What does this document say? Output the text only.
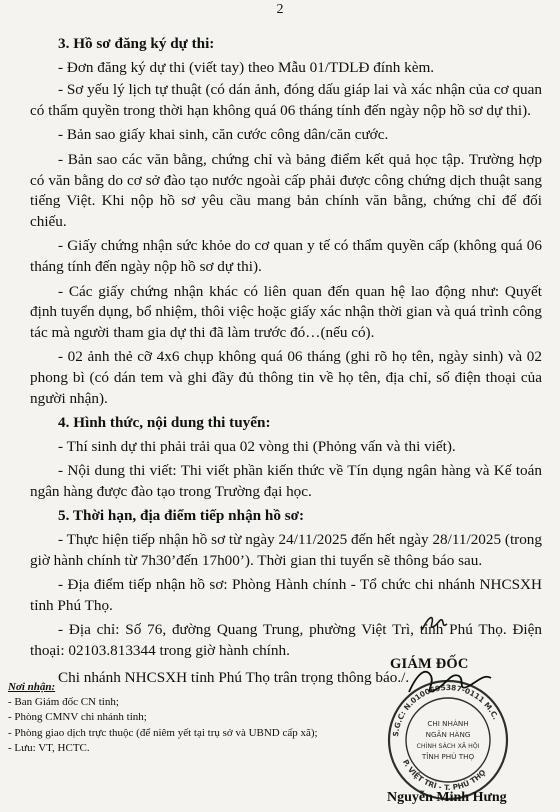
2
3. Hồ sơ đăng ký dự thi:
- Đơn đăng ký dự thi (viết tay) theo Mẫu 01/TDLĐ đính kèm.
- Sơ yếu lý lịch tự thuật (có dán ảnh, đóng dấu giáp lai và xác nhận của cơ quan có thẩm quyền trong thời hạn không quá 06 tháng tính đến ngày nộp hồ sơ dự thi).
- Bản sao giấy khai sinh, căn cước công dân/căn cước.
- Bản sao các văn bằng, chứng chỉ và bảng điểm kết quả học tập. Trường hợp có văn bằng do cơ sở đào tạo nước ngoài cấp phải được công chứng dịch thuật sang tiếng Việt. Khi nộp hồ sơ yêu cầu mang bản chính văn bằng, chứng chỉ để đối chiếu.
- Giấy chứng nhận sức khỏe do cơ quan y tế có thẩm quyền cấp (không quá 06 tháng tính đến ngày nộp hồ sơ dự thi).
- Các giấy chứng nhận khác có liên quan đến quan hệ lao động như: Quyết định tuyển dụng, bổ nhiệm, thôi việc hoặc giấy xác nhận thời gian và quá trình công tác mà người tham gia dự thi đã làm trước đó…(nếu có).
- 02 ảnh thẻ cỡ 4x6 chụp không quá 06 tháng (ghi rõ họ tên, ngày sinh) và 02 phong bì (có dán tem và ghi đầy đủ thông tin về họ tên, địa chỉ, số điện thoại của người nhận).
4. Hình thức, nội dung thi tuyển:
- Thí sinh dự thi phải trải qua 02 vòng thi (Phỏng vấn và thi viết).
- Nội dung thi viết: Thi viết phần kiến thức về Tín dụng ngân hàng và Kế toán ngân hàng được đào tạo trong Trường đại học.
5. Thời hạn, địa điểm tiếp nhận hồ sơ:
- Thực hiện tiếp nhận hồ sơ từ ngày 24/11/2025 đến hết ngày 28/11/2025 (trong giờ hành chính từ 7h30’đến 17h00’). Thời gian thi tuyển sẽ thông báo sau.
- Địa điểm tiếp nhận hồ sơ: Phòng Hành chính - Tổ chức chi nhánh NHCSXH tỉnh Phú Thọ.
- Địa chỉ: Số 76, đường Quang Trung, phường Việt Trì, tỉnh Phú Thọ. Điện thoại: 02103.813344 trong giờ hành chính.
Chi nhánh NHCSXH tỉnh Phú Thọ trân trọng thông báo./.
Nơi nhận:
- Ban Giám đốc CN tỉnh;
- Phòng CMNV chi nhánh tỉnh;
- Phòng giao dịch trực thuộc (để niêm yết tại trụ sở và UBND cấp xã);
- Lưu: VT, HCTC.
GIÁM ĐỐC
S.G.C: N.0100695387-0111 M.C.
P. VIỆT TRÌ - T. PHÚ THỌ
CHI NHÁNH
NGÂN HÀNG
CHÍNH SÁCH XÃ HỘI
TỈNH PHÚ THỌ
Nguyễn Minh Hưng
